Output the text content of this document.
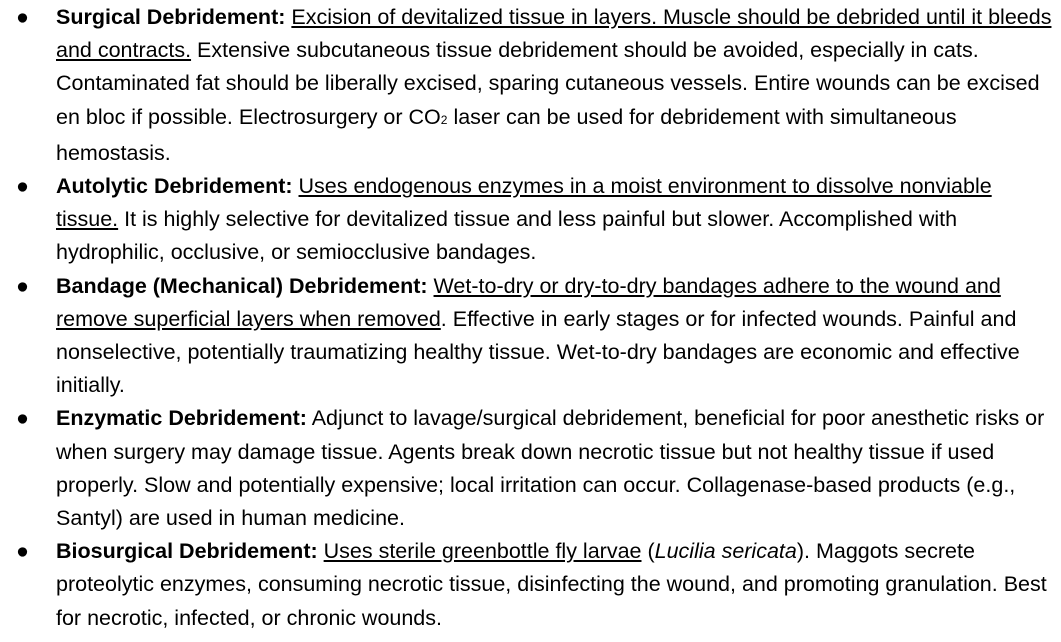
●	Surgical Debridement: Excision of devitalized tissue in layers. Muscle should be debrided until it bleeds and contracts. Extensive subcutaneous tissue debridement should be avoided, especially in cats. Contaminated fat should be liberally excised, sparing cutaneous vessels. Entire wounds can be excised en bloc if possible. Electrosurgery or CO2 laser can be used for debridement with simultaneous hemostasis.
●	Autolytic Debridement: Uses endogenous enzymes in a moist environment to dissolve nonviable tissue. It is highly selective for devitalized tissue and less painful but slower. Accomplished with hydrophilic, occlusive, or semiocclusive bandages.
●	Bandage (Mechanical) Debridement: Wet-to-dry or dry-to-dry bandages adhere to the wound and remove superficial layers when removed. Effective in early stages or for infected wounds. Painful and nonselective, potentially traumatizing healthy tissue. Wet-to-dry bandages are economic and effective initially.
●	Enzymatic Debridement: Adjunct to lavage/surgical debridement, beneficial for poor anesthetic risks or when surgery may damage tissue. Agents break down necrotic tissue but not healthy tissue if used properly. Slow and potentially expensive; local irritation can occur. Collagenase-based products (e.g., Santyl) are used in human medicine.
●	Biosurgical Debridement: Uses sterile greenbottle fly larvae (Lucilia sericata). Maggots secrete proteolytic enzymes, consuming necrotic tissue, disinfecting the wound, and promoting granulation. Best for necrotic, infected, or chronic wounds.
